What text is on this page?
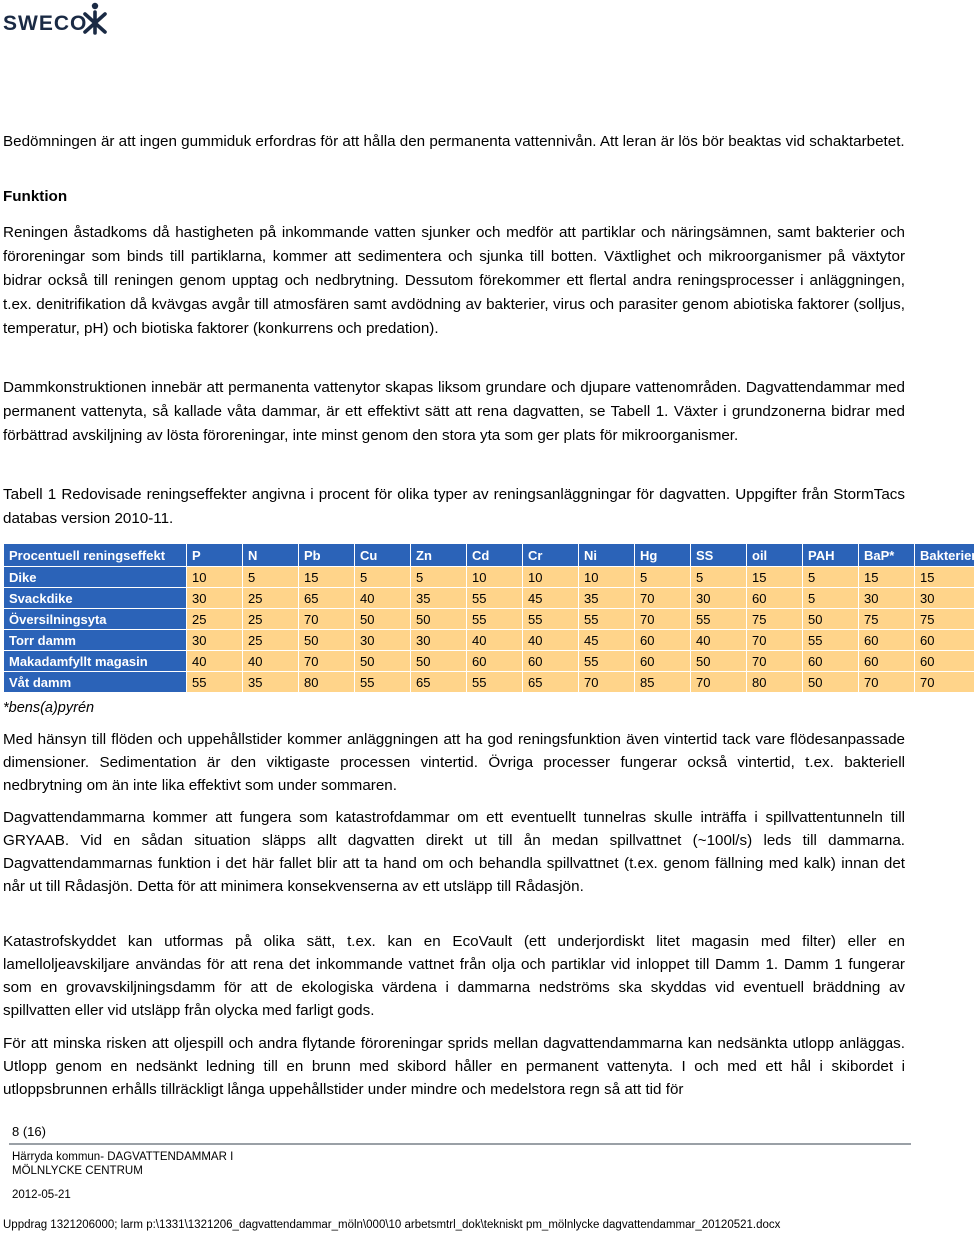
SWECO

Bedömningen är att ingen gummiduk erfordras för att hålla den permanenta vattennivån. Att leran är lös bör beaktas vid schaktarbetet.

Funktion

Reningen åstadkoms då hastigheten på inkommande vatten sjunker och medför att partiklar och näringsämnen, samt bakterier och föroreningar som binds till partiklarna, kommer att sedimentera och sjunka till botten. Växtlighet och mikroorganismer på växtytor bidrar också till reningen genom upptag och nedbrytning. Dessutom förekommer ett flertal andra reningsprocesser i anläggningen, t.ex. denitrifikation då kvävgas avgår till atmosfären samt avdödning av bakterier, virus och parasiter genom abiotiska faktorer (solljus, temperatur, pH) och biotiska faktorer (konkurrens och predation).

Dammkonstruktionen innebär att permanenta vattenytor skapas liksom grundare och djupare vattenområden. Dagvattendammar med permanent vattenyta, så kallade våta dammar, är ett effektivt sätt att rena dagvatten, se Tabell 1. Växter i grundzonerna bidrar med förbättrad avskiljning av lösta föroreningar, inte minst genom den stora yta som ger plats för mikroorganismer.

Tabell 1 Redovisade reningseffekter angivna i procent för olika typer av reningsanläggningar för dagvatten. Uppgifter från StormTacs databas version 2010-11.

Procentuell reningseffekt	P	N	Pb	Cu	Zn	Cd	Cr	Ni	Hg	SS	oil	PAH	BaP*	Bakterier	
Dike	10	5	15	5	5	10	10	10	5	5	15	5	15	15	
Svackdike	30	25	65	40	35	55	45	35	70	30	60	5	30	30	
Översilningsyta	25	25	70	50	50	55	55	55	70	55	75	50	75	75	
Torr damm	30	25	50	30	30	40	40	45	60	40	70	55	60	60	
Makadamfyllt magasin	40	40	70	50	50	60	60	55	60	50	70	60	60	60	
Våt damm	55	35	80	55	65	55	65	70	85	70	80	50	70	70	

*bens(a)pyrén

Med hänsyn till flöden och uppehållstider kommer anläggningen att ha god reningsfunktion även vintertid tack vare flödesanpassade dimensioner. Sedimentation är den viktigaste processen vintertid. Övriga processer fungerar också vintertid, t.ex. bakteriell nedbrytning om än inte lika effektivt som under sommaren.

Dagvattendammarna kommer att fungera som katastrofdammar om ett eventuellt tunnelras skulle inträffa i spillvattentunneln till GRYAAB. Vid en sådan situation släpps allt dagvatten direkt ut till ån medan spillvattnet (~100l/s) leds till dammarna. Dagvattendammarnas funktion i det här fallet blir att ta hand om och behandla spillvattnet (t.ex. genom fällning med kalk) innan det når ut till Rådasjön. Detta för att minimera konsekvenserna av ett utsläpp till Rådasjön.

Katastrofskyddet kan utformas på olika sätt, t.ex. kan en EcoVault (ett underjordiskt litet magasin med filter) eller en lamelloljeavskiljare användas för att rena det inkommande vattnet från olja och partiklar vid inloppet till Damm 1. Damm 1 fungerar som en grovavskiljningsdamm för att de ekologiska värdena i dammarna nedströms ska skyddas vid eventuell bräddning av spillvatten eller vid utsläpp från olycka med farligt gods.

För att minska risken att oljespill och andra flytande föroreningar sprids mellan dagvattendammarna kan nedsänkta utlopp anläggas. Utlopp genom en nedsänkt ledning till en brunn med skibord håller en permanent vattenyta. I och med ett hål i skibordet i utloppsbrunnen erhålls tillräckligt långa uppehållstider under mindre och medelstora regn så att tid för

8 (16)

Härryda kommun- DAGVATTENDAMMAR I

MÖLNLYCKE CENTRUM

2012-05-21

Uppdrag 1321206000; larm p:\1331\1321206_dagvattendammar_möln\000\10 arbetsmtrl_dok\tekniskt pm_mölnlycke dagvattendammar_20120521.docx
